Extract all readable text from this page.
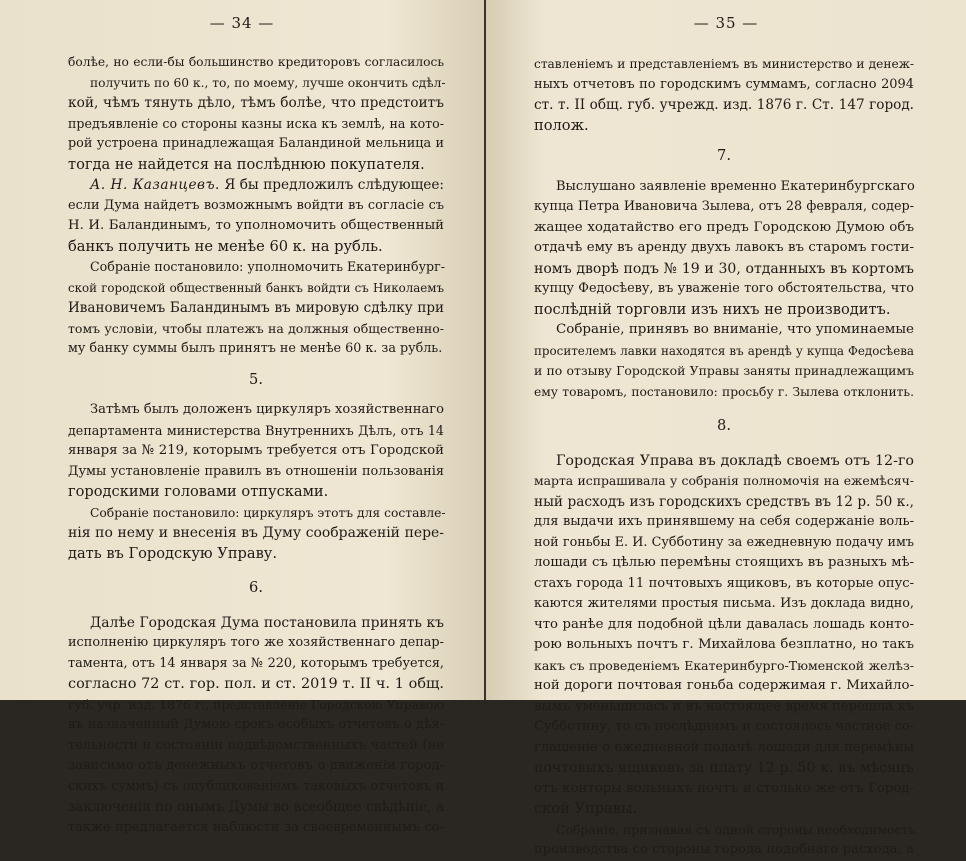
— 34 —
болѣе, но если-бы большинство кредиторовъ согласилось
получить по 60 к., то, по моему, лучше окончить сдѣл-
кой, чѣмъ тянуть дѣло, тѣмъ болѣе, что предстоитъ
предъявленіе со стороны казны иска къ землѣ, на кото-
рой устроена принадлежащая Баландиной мельница и
тогда не найдется на послѣднюю покупателя.
А. Н. Казанцевъ. Я бы предложилъ слѣдующее:
если Дума найдетъ возможнымъ войдти въ согласіе съ
Н. И. Баландинымъ, то уполномочить общественный
банкъ получить не менѣе 60 к. на рубль.
Собраніе постановило: уполномочить Екатеринбург-
ской городской общественный банкъ войдти съ Николаемъ
Ивановичемъ Баландинымъ въ мировую сдѣлку при
томъ условіи, чтобы платежъ на должныя общественно-
му банку суммы былъ принятъ не менѣе 60 к. за рубль.
5.
Затѣмъ былъ доложенъ циркуляръ хозяйственнаго
департамента министерства Внутреннихъ Дѣлъ, отъ 14
января за № 219, которымъ требуется отъ Городской
Думы установленіе правилъ въ отношеніи пользованія
городскими головами отпусками.
Собраніе постановило: циркуляръ этотъ для составле-
нія по нему и внесенія въ Думу соображеній пере-
дать въ Городскую Управу.
6.
Далѣе Городская Дума постановила принять къ
исполненію циркуляръ того же хозяйственнаго депар-
тамента, отъ 14 января за № 220, которымъ требуется,
согласно 72 ст. гор. пол. и ст. 2019 т. II ч. 1 общ.
губ. учр. изд. 1876 г., представленіе Городскою Управою
въ назначенный Думою срокъ особыхъ отчетовъ о дѣя-
тельности и состояніи подвѣдомственныхъ частей (не
зависимо отъ денежныхъ отчетовъ о движеніи город-
скихъ суммъ) съ опубликованіемъ таковыхъ отчетовъ и
заключенія по онымъ Думы во всеобщее свѣдѣніе, а
также предлагается наблюсти за своевременнымъ со-
— 35 —
ставленіемъ и представленіемъ въ министерство и денеж-
ныхъ отчетовъ по городскимъ суммамъ, согласно 2094
ст. т. II общ. губ. учрежд. изд. 1876 г. Ст. 147 город.
полож.
7.
Выслушано заявленіе временно Екатеринбургскаго
купца Петра Ивановича Зылева, отъ 28 февраля, содер-
жащее ходатайство его предъ Городскою Думою объ
отдачѣ ему въ аренду двухъ лавокъ въ старомъ гости-
номъ дворѣ подъ № 19 и 30, отданныхъ въ кортомъ
купцу Федосѣеву, въ уваженіе того обстоятельства, что
послѣдній торговли изъ нихъ не производитъ.
Собраніе, принявъ во вниманіе, что упоминаемые
просителемъ лавки находятся въ арендѣ у купца Федосѣева
и по отзыву Городской Управы заняты принадлежащимъ
ему товаромъ, постановило: просьбу г. Зылева отклонить.
8.
Городская Управа въ докладѣ своемъ отъ 12-го
марта испрашивала у собранія полномочія на ежемѣсяч-
ный расходъ изъ городскихъ средствъ въ 12 р. 50 к.,
для выдачи ихъ принявшему на себя содержаніе воль-
ной гоньбы Е. И. Субботину за ежедневную подачу имъ
лошади съ цѣлью перемѣны стоящихъ въ разныхъ мѣ-
стахъ города 11 почтовыхъ ящиковъ, въ которые опус-
каются жителями простыя письма. Изъ доклада видно,
что ранѣе для подобной цѣли давалась лошадь конто-
рою вольныхъ почтъ г. Михайлова безплатно, но такъ
какъ съ проведеніемъ Екатеринбурго-Тюменской желѣз-
ной дороги почтовая гоньба содержимая г. Михайло-
вымъ уменьшилась и въ настоящее время перешла къ
Субботину, то съ послѣднимъ и состоялось частное со-
глашеніе о ежедневной подачѣ лошади для перемѣны
почтовыхъ ящиковъ за плату 12 р. 50 к. въ мѣсяцъ
отъ конторы вольныхъ почтъ и столько же отъ Город-
ской Управы.
Собраніе, признавая съ одной стороны необходимость
производства со стороны города подобнаго расхода, а
